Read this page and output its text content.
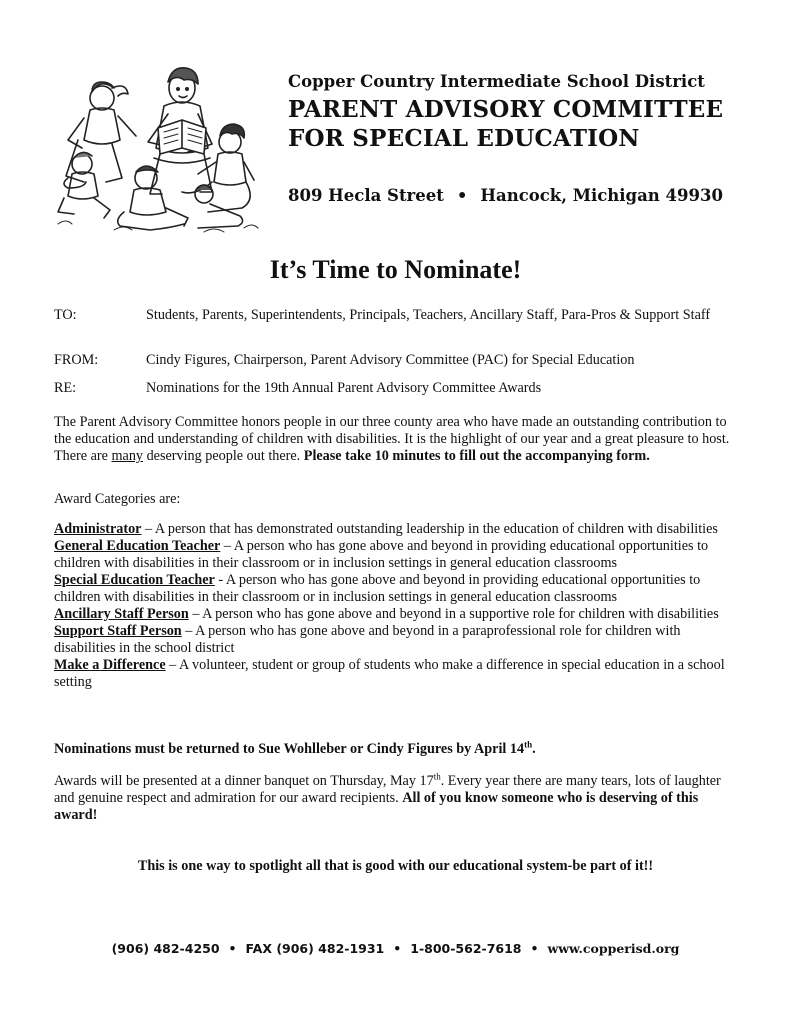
Copper Country Intermediate School District
PARENT ADVISORY COMMITTEE
FOR SPECIAL EDUCATION
809 Hecla Street • Hancock, Michigan 49930
It’s Time to Nominate!
TO:	Students, Parents, Superintendents, Principals, Teachers, Ancillary Staff, Para-Pros & Support Staff
FROM:	Cindy Figures, Chairperson, Parent Advisory Committee (PAC) for Special Education
RE:	Nominations for the 19th Annual Parent Advisory Committee Awards
The Parent Advisory Committee honors people in our three county area who have made an outstanding contribution to the education and understanding of children with disabilities. It is the highlight of our year and a great pleasure to host. There are many deserving people out there. Please take 10 minutes to fill out the accompanying form.
Award Categories are:
Administrator – A person that has demonstrated outstanding leadership in the education of children with disabilities
General Education Teacher – A person who has gone above and beyond in providing educational opportunities to children with disabilities in their classroom or in inclusion settings in general education classrooms
Special Education Teacher - A person who has gone above and beyond in providing educational opportunities to children with disabilities in their classroom or in inclusion settings in general education classrooms
Ancillary Staff Person – A person who has gone above and beyond in a supportive role for children with disabilities
Support Staff Person – A person who has gone above and beyond in a paraprofessional role for children with disabilities in the school district
Make a Difference – A volunteer, student or group of students who make a difference in special education in a school setting
Nominations must be returned to Sue Wohlleber or Cindy Figures by April 14th.
Awards will be presented at a dinner banquet on Thursday, May 17th. Every year there are many tears, lots of laughter and genuine respect and admiration for our award recipients. All of you know someone who is deserving of this award!
This is one way to spotlight all that is good with our educational system-be part of it!!
(906) 482-4250 • FAX (906) 482-1931 • 1-800-562-7618 • www.copperisd.org
